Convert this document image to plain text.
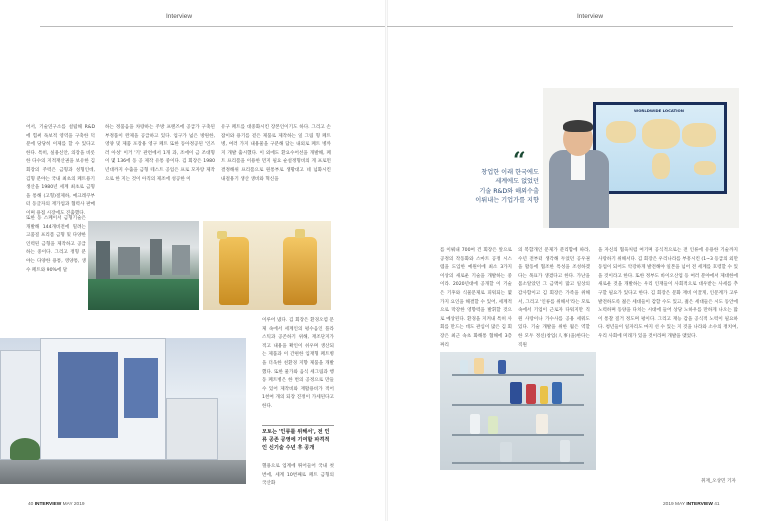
Interview
어서, 기술연구소를 설립해 R&D에 힘써 독보적 영역을 구축한 덕분에 당당히 이제를 할 수 있다고 한다. 특히, 실용신안, 의장을 비롯한 다수의 지적재산권을 보유한 김 회장의 주력은 금형과 성형인데, 김형 분야는 국내 최초의 페트용기 생산을 1980년 세계 최초로 금형을 통해 (고형)절제하, 예크레쿠부터 동글자의 재가업과 협력사 판매이며 용접 시장에도 진출했다.
또한 동 스페이서 금형기술은 개발해 144개비전에 밀려는 고품질 프리폼 금형 및 다양한 인력된 금형을 제작하고 공급하는 중이다. 그리고 정형 분야는 다양한 용통, 영양통, 생수 페트와 90%에 달
하는 정품음을 차량하는 주방 프랜즈에 공급가 구축된 부정품이 완제을 공급하고 있다. 업구가 넓은 방원한, 영양 및 제품 포장용 영구 페트 또한 동아정공된 '인즈러 아성' 이거 '기' 관련에서 1개 과, 조에이 금 조대형이 몇 136에 동 공 제작 유통 중이다. 김 회장은 1980년대까지 수출을 금형 테스트 공업은 프로 모자랑 제작으로 한 지는 것이 아직의 제조에 성공한 이
유구 페트를 대중화시킨 장본인이기도 하다. 그리고 손잡이와 용기를 겉은 제품로 제작하는 일 그림 형 페트병, 여러 가지 내용물을 구분해 담는 내외로 페트 병까지 개발 출시했다. 이 외에도 환요수어선을 개발해, 페트 프리폼을 이용한 먼지 필요 순설정형비의 게 프로먼 결정해위 프리폼으로 원통부로 생황대고 네 넘화시킨 내걸용기 생산 생비와 혁신을
이루어 냈다. 김 회장은 환경오염 문제 속에서 세계인의 평수음인 플라스틱과 공존하기 위해, 재조단지가 적고 내용을 확인이 쉬우며 생산되는 제품과 이 간편한 입재형 페트병을 더욱한 친환경 지향 제품을 개발했다. 또한 물가와 음식 세그림과 행동 페트병은 한 번의 공정으로 만들 수 있어 제작비와 재활용비가 적어 1천여 개의 되장 진정이 가세된다고 한다.
모토는 '인류를 위해서', 전 인류 공존 공영에 기여할 파격적인 신기술 수년 후 공개
헬용으로 업계에 뛰어들어 국내 첫 번에, 세계 10번째로 페트 금형의 국산화
40 INTERVIEW MAY 2019
Interview
“
창업한 이래 한국에도
세계에도 없었던
기술 R&D와 해외수출
이뤄내는 기업가를 지향
WORLDWIDE LOCATION
를 이뤄내 700여 건 회장은 앞으로 공정의 작동화와 스마트 공정 시스템을 도입한 예원이에 최소 3가지 이상의 새로운 기술을 개발하는 중이라. 2020년대에 공개할 이 기술은 기후와 식물문제로 피워되는 몇 가지 요인을 해결할 수 있어, 세계적으로 막강한 영향력을 발휘할 것으로 예상된다. 환경을 지켜내 특허 사회를 만드는 데도 관심이 많은 김 회장은 최근 속초 화해통 협해에 3층짜리
의 복합개인 문제가 분리함에 따라, 수년 전부터 생각해 두었던 공우권을 활동에 협조한 특성을 조성하겠다는 목표가 생겼다고 한다. 가난을 몸소알았던 그 금액이 많고 일상의 감사함이고 김 회장은 가족을 위해서, 그리고 '인류를 위해서'라는 모토 속에서 기업이 근로자 다워지만 직원 사랑이나 가수사를 공용 세워도 있다. 기술 개발을 위한 월은 역할 한 모두 정신(창업(人事)을)한다는 직원
을 자신의 협육처럼 여기며 공식적으로는 전 인류에 유용한 기술까지 사랑하기 위해서다. 김 회장은 우리나라를 부흥시킨 (1~3 등급의 외만 동업이 되어도 악강하게 발전해야 일본을 넘어 전 세계를 호령할 수 있을 것이라고 한다. 또한 정부도 바이오산업 등 여러 분야에서 제대한에 새로운 것을 개발하는 우리 인재들이 사회적으로 대우받는 사세를 추구할 필요가 있다고 한다. 김 회장은 문화 재비 이끌게, 인문계가 고루 발전하도록 젊은 세대들이 감할 수도 있고, 젊은 세대들은 시도 동안에 노력하며 동양을 다치는 시대에 들어 상당 노하우를 만하게 나오는 많이 통찰 질거 정도며 평이다. 그리고 재능 감을 공식적 노력이 필요하다. 청년들이 일자리도 마지 선 수 있는 지 것을 나라와 소수의 정치여, 우리 사회에 미래가 있을 것이라며 개발을 맺었다.
취재_오상민 기자
2019 MAY INTERVIEW 41
